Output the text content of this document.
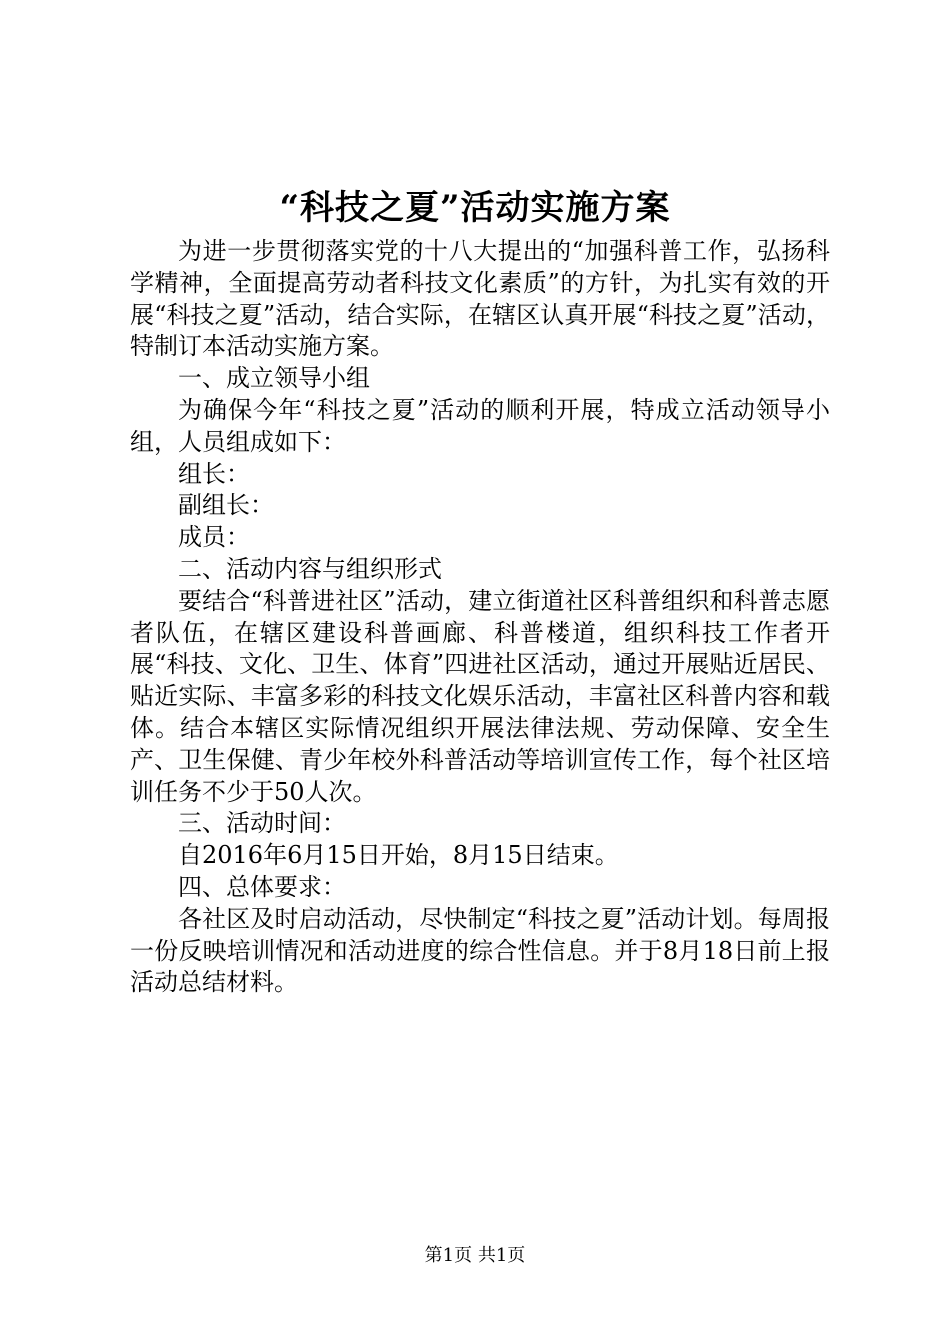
“科技之夏”活动实施方案

为进一步贯彻落实党的十八大提出的“加强科普工作，弘扬科学精神，全面提高劳动者科技文化素质”的方针，为扎实有效的开展“科技之夏”活动，结合实际，在辖区认真开展“科技之夏”活动，特制订本活动实施方案。

一、成立领导小组

为确保今年“科技之夏”活动的顺利开展，特成立活动领导小组，人员组成如下：

组长：

副组长：

成员：

二、活动内容与组织形式

要结合“科普进社区”活动，建立街道社区科普组织和科普志愿者队伍，在辖区建设科普画廊、科普楼道，组织科技工作者开展“科技、文化、卫生、体育”四进社区活动，通过开展贴近居民、贴近实际、丰富多彩的科技文化娱乐活动，丰富社区科普内容和载体。结合本辖区实际情况组织开展法律法规、劳动保障、安全生产、卫生保健、青少年校外科普活动等培训宣传工作，每个社区培训任务不少于50人次。

三、活动时间：

自2016年6月15日开始，8月15日结束。

四、总体要求：

各社区及时启动活动，尽快制定“科技之夏”活动计划。每周报一份反映培训情况和活动进度的综合性信息。并于8月18日前上报活动总结材料。

第1页 共1页
